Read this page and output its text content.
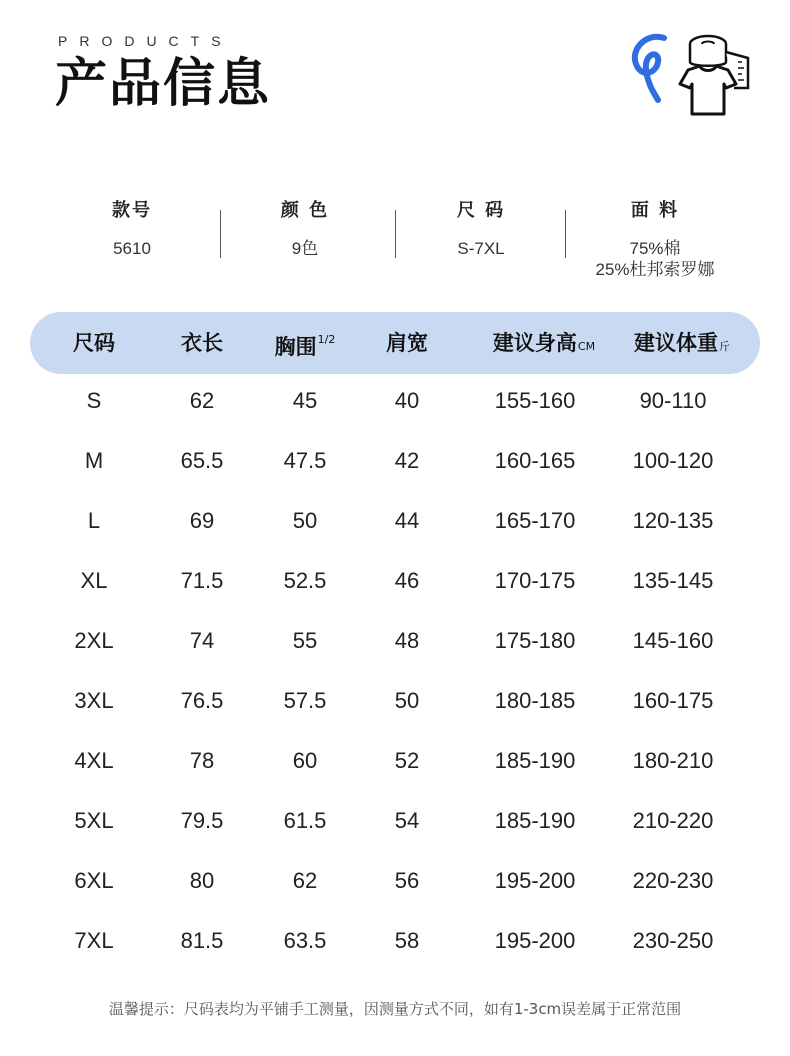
PRODUCTS
产品信息
款号
5610
颜 色
9色
尺 码
S-7XL
面 料
75%棉
25%杜邦索罗娜
尺码	衣长 胸围$^{1/2}$ 肩宽	建议身高CM 建议体重斤
S	62	45	40	155-160	90-110
M	65.5	47.5	42	160-165	100-120
L	69	50	44	165-170	120-135
XL	71.5	52.5	46	170-175	135-145
2XL	74	55	48	175-180	145-160
3XL	76.5	57.5	50	180-185	160-175
4XL	78	60	52	185-190	180-210
5XL	79.5	61.5	54	185-190	210-220
6XL	80	62	56	195-200	220-230
7XL	81.5	63.5	58	195-200	230-250
温馨提示：尺码表均为平铺手工测量，因测量方式不同，如有1-3cm误差属于正常范围
